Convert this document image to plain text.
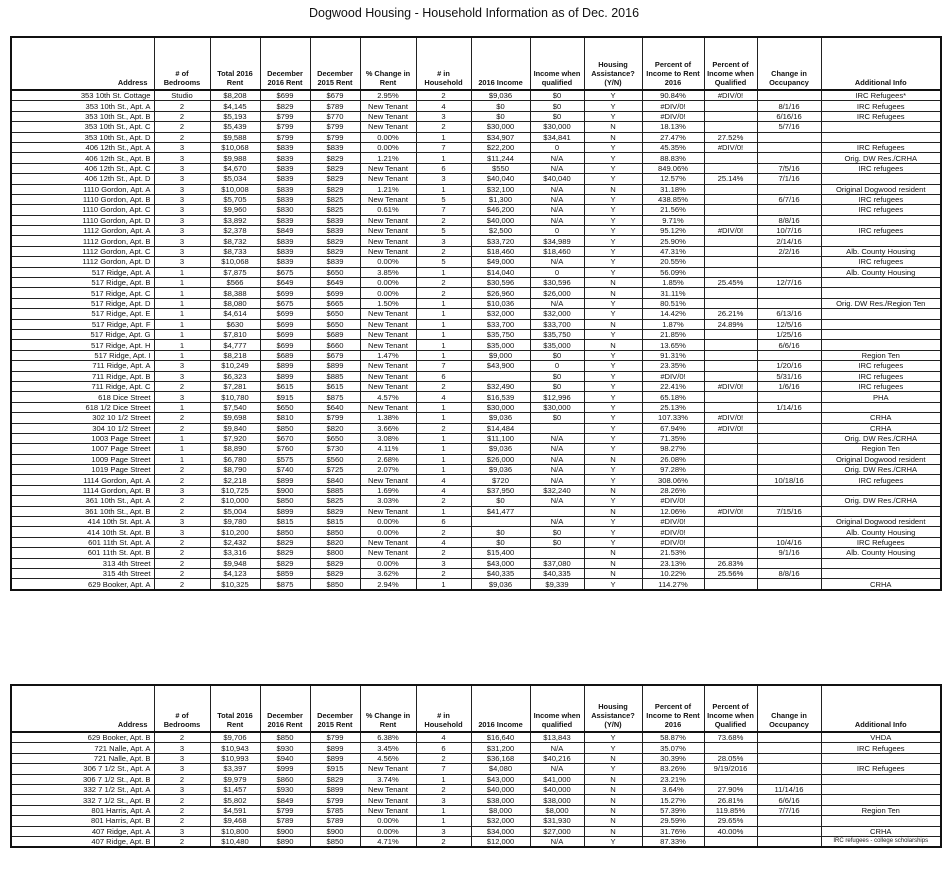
Dogwood Housing - Household Information as of Dec. 2016
Address	# of Bedrooms	Total 2016 Rent	December 2016 Rent	December 2015 Rent	% Change in Rent	# in Household	2016 Income	Income when qualified	Housing Assistance? (Y/N)	Percent of Income to Rent 2016	Percent of Income when Qualified	Change in Occupancy	Additional Info
353 10th St. Cottage	Studio	$8,208	$699	$679	2.95%	2	$9,036	$0	Y	90.84%	#DIV/0!		IRC Refugees*
353 10th St., Apt. A	2	$4,145	$829	$789	New Tenant	4	$0	$0	Y	#DIV/0!		8/1/16	IRC Refugees
353 10th St., Apt. B	2	$5,193	$799	$770	New Tenant	3	$0	$0	Y	#DIV/0!		6/16/16	IRC Refugees
353 10th St., Apt. C	2	$5,439	$799	$799	New Tenant	2	$30,000	$30,000	N	18.13%		5/7/16	
353 10th St., Apt. D	2	$9,588	$799	$799	0.00%	1	$34,907	$34,841	N	27.47%	27.52%		
406 12th St., Apt. A	3	$10,068	$839	$839	0.00%	7	$22,200	0	Y	45.35%	#DIV/0!		IRC Refugees
406 12th St., Apt. B	3	$9,988	$839	$829	1.21%	1	$11,244	N/A	Y	88.83%			Orig. DW Res./CRHA
406 12th St., Apt. C	3	$4,670	$839	$829	New Tenant	6	$550	N/A	Y	849.06%		7/5/16	IRC refugees
406 12th St., Apt. D	3	$5,034	$839	$829	New Tenant	3	$40,040	$40,040	Y	12.57%	25.14%	7/1/16	
1110 Gordon, Apt. A	3	$10,008	$839	$829	1.21%	1	$32,100	N/A	N	31.18%			Original Dogwood resident
1110 Gordon, Apt. B	3	$5,705	$839	$825	New Tenant	5	$1,300	N/A	Y	438.85%		6/7/16	IRC refugees
1110 Gordon, Apt. C	3	$9,960	$830	$825	0.61%	7	$46,200	N/A	Y	21.56%			IRC refugees
1110 Gordon, Apt. D	3	$3,892	$839	$839	New Tenant	2	$40,000	N/A	Y	9.71%		8/8/16	
1112 Gordon, Apt. A	3	$2,378	$849	$839	New Tenant	5	$2,500	0	Y	95.12%	#DIV/0!	10/7/16	IRC refugees
1112 Gordon, Apt. B	3	$8,732	$839	$829	New Tenant	3	$33,720	$34,989	Y	25.90%		2/14/16	
1112 Gordon, Apt. C	3	$8,733	$839	$829	New Tenant	2	$18,460	$18,460	Y	47.31%		2/2/16	Alb. County Housing
1112 Gordon, Apt. D	3	$10,068	$839	$839	0.00%	5	$49,000	N/A	Y	20.55%			IRC refugees
517 Ridge, Apt. A	1	$7,875	$675	$650	3.85%	1	$14,040	0	Y	56.09%			Alb. County Housing
517 Ridge, Apt. B	1	$566	$649	$649	0.00%	2	$30,596	$30,596	N	1.85%	25.45%	12/7/16	
517 Ridge, Apt. C	1	$8,388	$699	$699	0.00%	2	$26,960	$26,000	N	31.11%			
517 Ridge, Apt. D	1	$8,080	$675	$665	1.50%	1	$10,036	N/A	Y	80.51%			Orig. DW Res./Region Ten
517 Ridge, Apt. E	1	$4,614	$699	$650	New Tenant	1	$32,000	$32,000	Y	14.42%	26.21%	6/13/16	
517 Ridge, Apt. F	1	$630	$699	$650	New Tenant	1	$33,700	$33,700	N	1.87%	24.89%	12/5/16	
517 Ridge, Apt. G	1	$7,810	$699	$689	New Tenant	1	$35,750	$35,750	Y	21.85%		1/25/16	
517 Ridge, Apt. H	1	$4,777	$699	$660	New Tenant	1	$35,000	$35,000	N	13.65%		6/6/16	
517 Ridge, Apt. I	1	$8,218	$689	$679	1.47%	1	$9,000	$0	Y	91.31%			Region Ten
711 Ridge, Apt. A	3	$10,249	$899	$899	New Tenant	7	$43,900	0	Y	23.35%		1/20/16	IRC refugees
711 Ridge, Apt. B	3	$6,323	$899	$885	New Tenant	6		$0	Y	#DIV/0!		5/31/16	IRC refugees
711 Ridge, Apt. C	2	$7,281	$615	$615	New Tenant	2	$32,490	$0	Y	22.41%	#DIV/0!	1/6/16	IRC refugees
618 Dice Street	3	$10,780	$915	$875	4.57%	4	$16,539	$12,996	Y	65.18%			PHA
618 1/2 Dice Street	1	$7,540	$650	$640	New Tenant	1	$30,000	$30,000	Y	25.13%		1/14/16	
302 10 1/2 Street	2	$9,698	$810	$799	1.38%	1	$9,036	$0	Y	107.33%	#DIV/0!		CRHA
304 10 1/2 Street	2	$9,840	$850	$820	3.66%	2	$14,484		Y	67.94%	#DIV/0!		CRHA
1003 Page Street	1	$7,920	$670	$650	3.08%	1	$11,100	N/A	Y	71.35%			Orig. DW Res./CRHA
1007 Page Street	1	$8,890	$760	$730	4.11%	1	$9,036	N/A	Y	98.27%			Region Ten
1009 Page Street	1	$6,780	$575	$560	2.68%	1	$26,000	N/A	N	26.08%			Original Dogwood resident
1019 Page Street	2	$8,790	$740	$725	2.07%	1	$9,036	N/A	Y	97.28%			Orig. DW Res./CRHA
1114 Gordon, Apt. A	2	$2,218	$899	$840	New Tenant	4	$720	N/A	Y	308.06%		10/18/16	IRC refugees
1114 Gordon, Apt. B	3	$10,725	$900	$885	1.69%	4	$37,950	$32,240	N	28.26%			
361 10th St., Apt. A	2	$10,000	$850	$825	3.03%	2	$0	N/A	Y	#DIV/0!			Orig. DW Res./CRHA
361 10th St., Apt. B	2	$5,004	$899	$829	New Tenant	1	$41,477		N	12.06%	#DIV/0!	7/15/16	
414 10th St. Apt. A	3	$9,780	$815	$815	0.00%	6		N/A	Y	#DIV/0!			Original Dogwood resident
414 10th St. Apt. B	3	$10,200	$850	$850	0.00%	2	$0	$0	Y	#DIV/0!			Alb. County Housing
601 11th St. Apt. A	2	$2,432	$829	$820	New Tenant	4	$0	$0	Y	#DIV/0!		10/4/16	IRC Refugees
601 11th St. Apt. B	2	$3,316	$829	$800	New Tenant	2	$15,400		N	21.53%		9/1/16	Alb. County Housing
313 4th Street	2	$9,948	$829	$829	0.00%	3	$43,000	$37,080	N	23.13%	26.83%		
315 4th Street	2	$4,123	$859	$829	3.62%	2	$40,335	$40,335	N	10.22%	25.56%	8/8/16	
629 Booker, Apt. A	2	$10,325	$875	$850	2.94%	1	$9,036	$9,339	Y	114.27%			CRHA
Address	# of Bedrooms	Total 2016 Rent	December 2016 Rent	December 2015 Rent	% Change in Rent	# in Household	2016 Income	Income when qualified	Housing Assistance? (Y/N)	Percent of Income to Rent 2016	Percent of Income when Qualified	Change in Occupancy	Additional Info
629 Booker, Apt. B	2	$9,706	$850	$799	6.38%	4	$16,640	$13,843	Y	58.87%	73.68%		VHDA
721 Nalle, Apt. A	3	$10,943	$930	$899	3.45%	6	$31,200	N/A	Y	35.07%			IRC Refugees
721 Nalle, Apt. B	3	$10,993	$940	$899	4.56%	2	$36,168	$40,216	N	30.39%	28.05%		
306 7 1/2 St., Apt. A	3	$3,397	$999	$915	New Tenant	7	$4,080	N/A	Y	83.26%	9/19/2016		IRC Refugees
306 7 1/2 St., Apt. B	2	$9,979	$860	$829	3.74%	1	$43,000	$41,000	N	23.21%			
332 7 1/2 St., Apt. A	3	$1,457	$930	$899	New Tenant	2	$40,000	$40,000	N	3.64%	27.90%	11/14/16	
332 7 1/2 St., Apt. B	2	$5,802	$849	$799	New Tenant	3	$38,000	$38,000	N	15.27%	26.81%	6/6/16	
801 Harris, Apt. A	2	$4,591	$799	$785	New Tenant	1	$8,000	$8,000	N	57.39%	119.85%	7/7/16	Region Ten
801 Harris, Apt. B	2	$9,468	$789	$789	0.00%	1	$32,000	$31,930	N	29.59%	29.65%		
407 Ridge, Apt. A	3	$10,800	$900	$900	0.00%	3	$34,000	$27,000	N	31.76%	40.00%		CRHA
407 Ridge, Apt. B	2	$10,480	$890	$850	4.71%	2	$12,000	N/A	Y	87.33%			IRC refugees - college scholarships
